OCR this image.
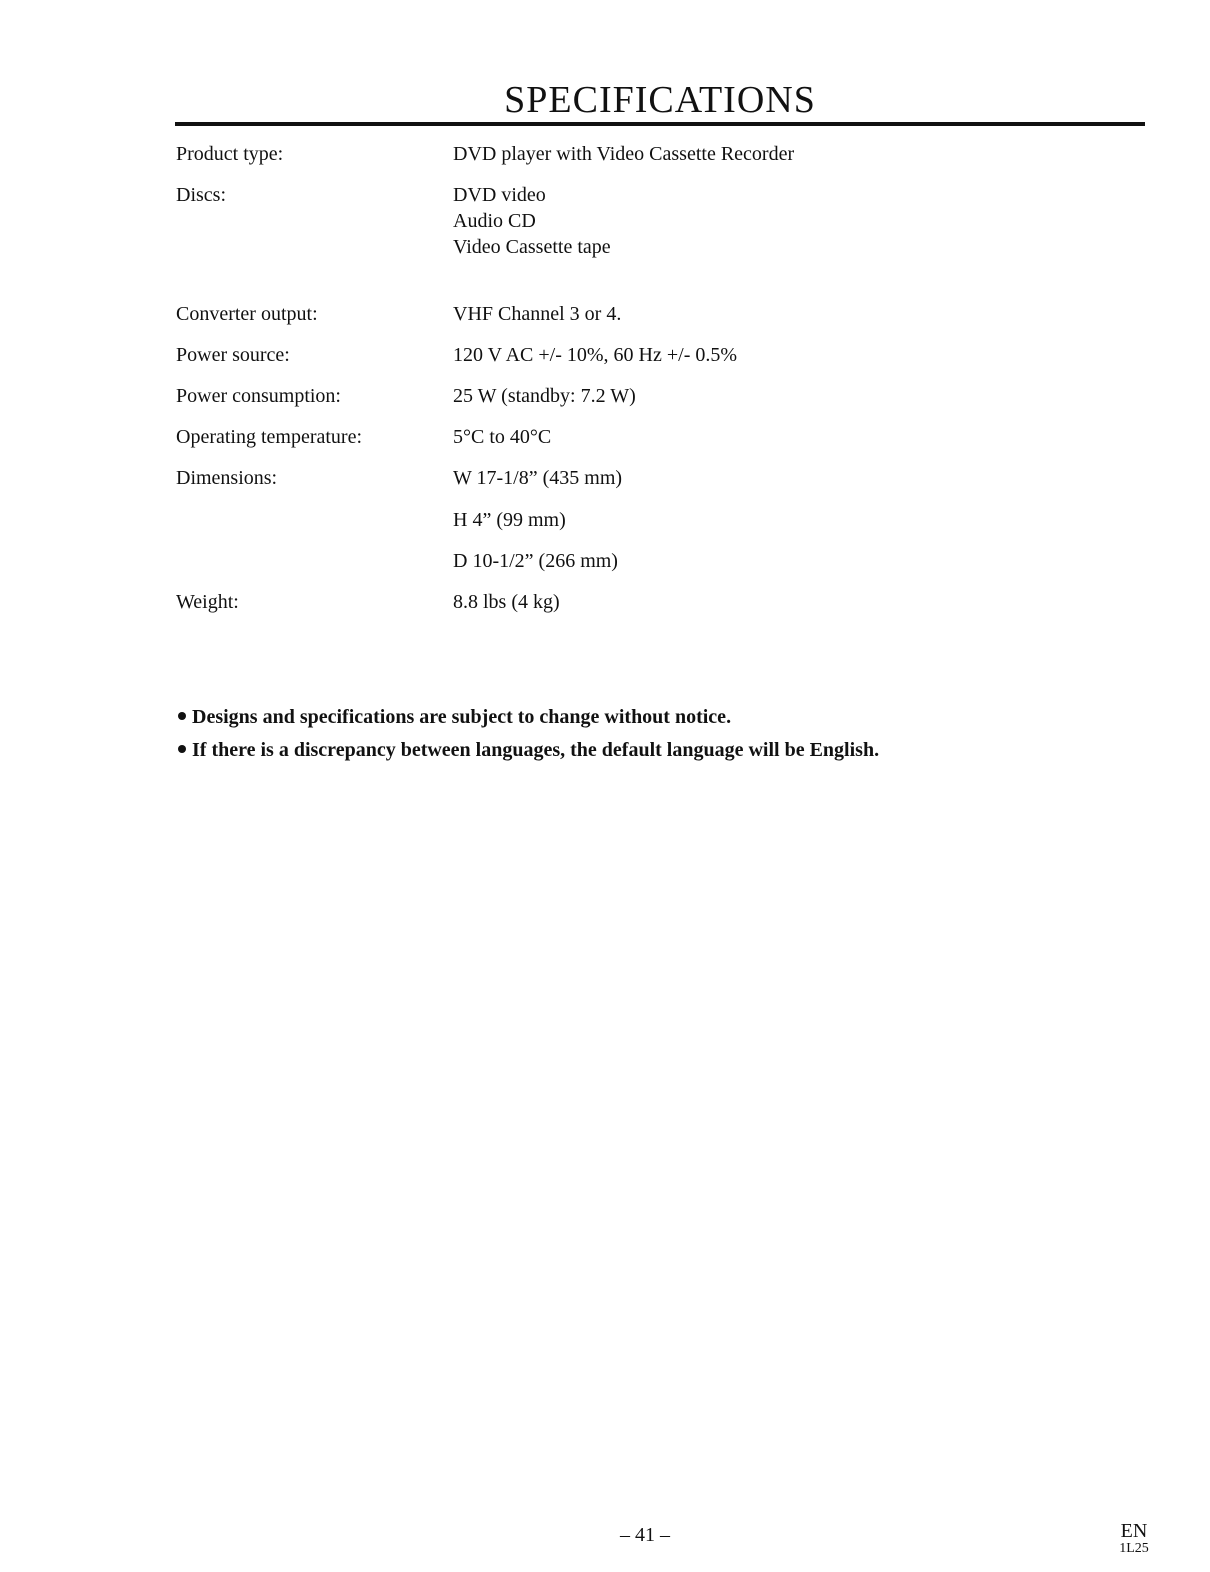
SPECIFICATIONS
Product type:	DVD player with Video Cassette Recorder
Discs:	DVD video
Audio CD
Video Cassette tape
Converter output:	VHF Channel 3 or 4.
Power source:	120 V AC +/- 10%, 60 Hz +/- 0.5%
Power consumption:	25 W (standby: 7.2 W)
Operating temperature:	5°C to 40°C
Dimensions:	W 17-1/8” (435 mm)
H 4” (99 mm)
D 10-1/2” (266 mm)
Weight:	8.8 lbs (4 kg)
Designs and specifications are subject to change without notice.
If there is a discrepancy between languages, the default language will be English.
– 41 –	EN
1L25
